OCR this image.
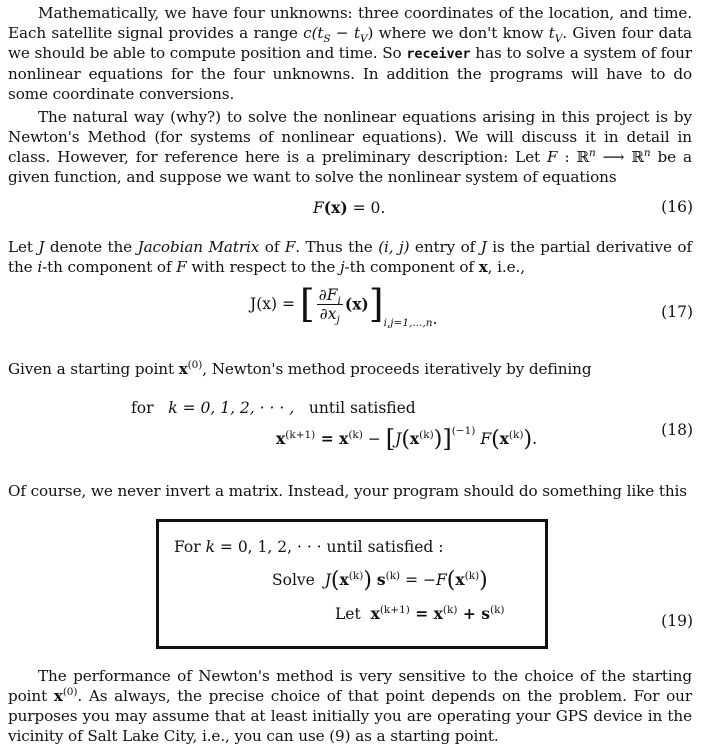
Mathematically, we have four unknowns: three coordinates of the location, and time. Each satellite signal provides a range $c(t_S - t_V)$ where we don't know $t_V$. Given four data we should be able to compute position and time. So receiver has to solve a system of four nonlinear equations for the four unknowns. In addition the programs will have to do some coordinate conversions.

The natural way (why?) to solve the nonlinear equations arising in this project is by Newton's Method (for systems of nonlinear equations). We will discuss it in detail in class. However, for reference here is a preliminary description: Let F : ℝ$^n$ ⟶ ℝ$^n$ be a given function, and suppose we want to solve the nonlinear system of equations

F(x) = 0.	(16)

Let J denote the Jacobian Matrix of F. Thus the (i, j) entry of J is the partial derivative of the i-th component of F with respect to the j-th component of x, i.e.,

J(x) = [ $\frac{\partial F_i}{\partial x_j} (x)]_{i,j=1,...,n}$.	(17)

Given a starting point $x^{(0)}$, Newton's method proceeds iteratively by defining

for k = 0, 1, 2, · · · , until satisfied
$x^{(k+1)} = x^{(k)} - [J(x^{(k)})]^{(-1)}$ $F(x^{(k)})$.	(18)

Of course, we never invert a matrix. Instead, your program should do something like this

For k = 0, 1, 2, · · · until satisfied :
Solve $J(x^{(k)}) s^{(k)} = -F(x^{(k)})$
Let $x^{(k+1)} = x^{(k)} + s^{(k)}$
(19)

The performance of Newton's method is very sensitive to the choice of the starting point $x^{(0)}$. As always, the precise choice of that point depends on the problem. For our purposes you may assume that at least initially you are operating your GPS device in the vicinity of Salt Lake City, i.e., you can use (9) as a starting point.
